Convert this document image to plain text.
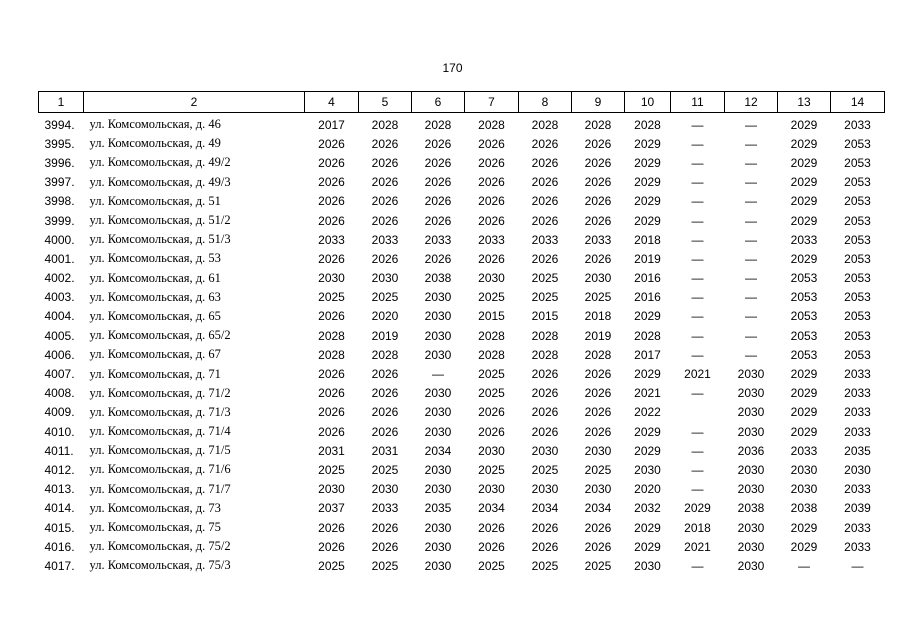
170
1	2	4	5	6	7	8	9	10	11	12	13	14
3994.	ул. Комсомольская, д. 46	2017	2028	2028	2028	2028	2028	2028	—	—	2029	2033
3995.	ул. Комсомольская, д. 49	2026	2026	2026	2026	2026	2026	2029	—	—	2029	2053
3996.	ул. Комсомольская, д. 49/2	2026	2026	2026	2026	2026	2026	2029	—	—	2029	2053
3997.	ул. Комсомольская, д. 49/3	2026	2026	2026	2026	2026	2026	2029	—	—	2029	2053
3998.	ул. Комсомольская, д. 51	2026	2026	2026	2026	2026	2026	2029	—	—	2029	2053
3999.	ул. Комсомольская, д. 51/2	2026	2026	2026	2026	2026	2026	2029	—	—	2029	2053
4000.	ул. Комсомольская, д. 51/3	2033	2033	2033	2033	2033	2033	2018	—	—	2033	2053
4001.	ул. Комсомольская, д. 53	2026	2026	2026	2026	2026	2026	2019	—	—	2029	2053
4002.	ул. Комсомольская, д. 61	2030	2030	2038	2030	2025	2030	2016	—	—	2053	2053
4003.	ул. Комсомольская, д. 63	2025	2025	2030	2025	2025	2025	2016	—	—	2053	2053
4004.	ул. Комсомольская, д. 65	2026	2020	2030	2015	2015	2018	2029	—	—	2053	2053
4005.	ул. Комсомольская, д. 65/2	2028	2019	2030	2028	2028	2019	2028	—	—	2053	2053
4006.	ул. Комсомольская, д. 67	2028	2028	2030	2028	2028	2028	2017	—	—	2053	2053
4007.	ул. Комсомольская, д. 71	2026	2026	—	2025	2026	2026	2029	2021	2030	2029	2033
4008.	ул. Комсомольская, д. 71/2	2026	2026	2030	2025	2026	2026	2021	—	2030	2029	2033
4009.	ул. Комсомольская, д. 71/3	2026	2026	2030	2026	2026	2026	2022		2030	2029	2033
4010.	ул. Комсомольская, д. 71/4	2026	2026	2030	2026	2026	2026	2029	—	2030	2029	2033
4011.	ул. Комсомольская, д. 71/5	2031	2031	2034	2030	2030	2030	2029	—	2036	2033	2035
4012.	ул. Комсомольская, д. 71/6	2025	2025	2030	2025	2025	2025	2030	—	2030	2030	2030
4013.	ул. Комсомольская, д. 71/7	2030	2030	2030	2030	2030	2030	2020	—	2030	2030	2033
4014.	ул. Комсомольская, д. 73	2037	2033	2035	2034	2034	2034	2032	2029	2038	2038	2039
4015.	ул. Комсомольская, д. 75	2026	2026	2030	2026	2026	2026	2029	2018	2030	2029	2033
4016.	ул. Комсомольская, д. 75/2	2026	2026	2030	2026	2026	2026	2029	2021	2030	2029	2033
4017.	ул. Комсомольская, д. 75/3	2025	2025	2030	2025	2025	2025	2030	—	2030	—	—
